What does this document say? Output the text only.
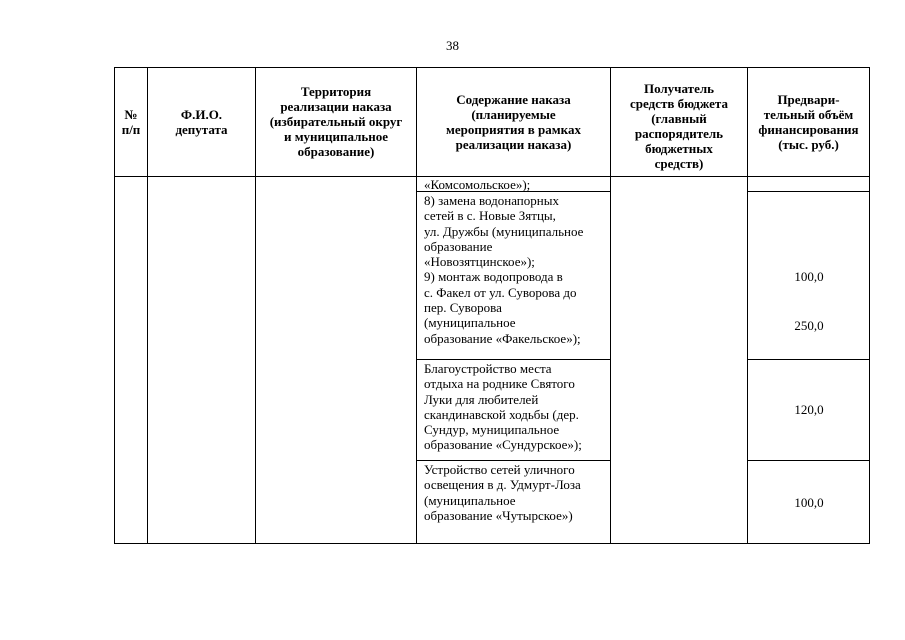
38
№
п/п
Ф.И.О.
депутата
Территория
реализации наказа
(избирательный округ
и муниципальное
образование)
Содержание наказа
(планируемые
мероприятия в рамках
реализации наказа)
Получатель
средств бюджета
(главный
распорядитель
бюджетных
средств)
Предвари-
тельный объём
финансирования
(тыс. руб.)
«Комсомольское»);
8) замена водонапорных
сетей в с. Новые Зятцы,
ул. Дружбы (муниципальное
образование
«Новозятцинское»);
9) монтаж водопровода в
с. Факел от ул. Суворова до
пер. Суворова
(муниципальное
образование «Факельское»);
Благоустройство места
отдыха на роднике Святого
Луки для любителей
скандинавской ходьбы (дер.
Сундур, муниципальное
образование «Сундурское»);
Устройство сетей уличного
освещения в д. Удмурт-Лоза
(муниципальное
образование «Чутырское»)
100,0
250,0
120,0
100,0
